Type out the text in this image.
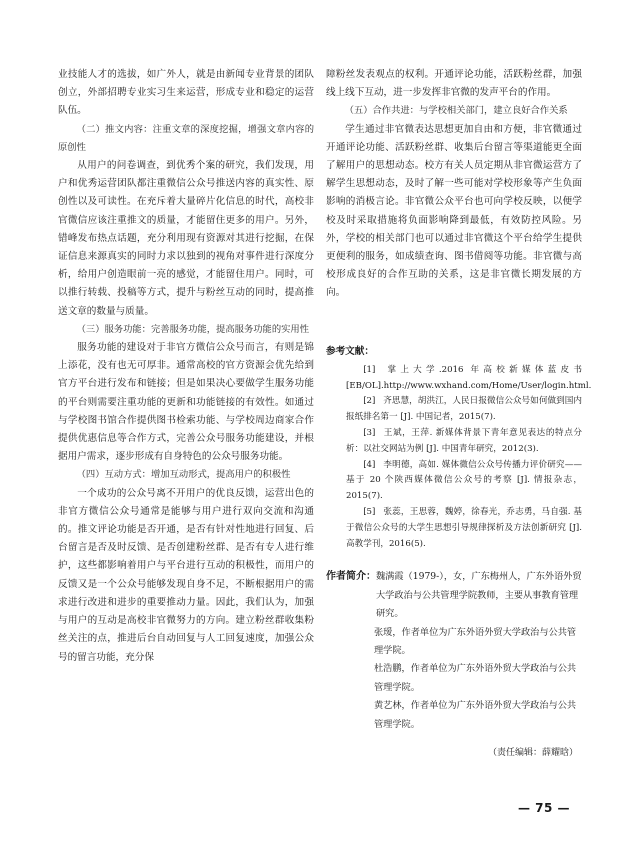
业技能人才的选拔，如广外人，就是由新闻专业背景的团队创立，外部招聘专业实习生来运营，形成专业和稳定的运营队伍。

（二）推文内容：注重文章的深度挖掘，增强文章内容的原创性

从用户的问卷调查，到优秀个案的研究，我们发现，用户和优秀运营团队都注重微信公众号推送内容的真实性、原创性以及可读性。在充斥着大量碎片化信息的时代，高校非官微信应该注重推文的质量，才能留住更多的用户。另外，错峰发布热点话题，充分利用现有资源对其进行挖掘，在保证信息来源真实的同时力求以独到的视角对事件进行深度分析，给用户创造眼前一亮的感觉，才能留住用户。同时，可以推行转载、投稿等方式，提升与粉丝互动的同时，提高推送文章的数量与质量。

（三）服务功能：完善服务功能，提高服务功能的实用性

服务功能的建设对于非官方微信公众号而言，有则是锦上添花，没有也无可厚非。通常高校的官方资源会优先给到官方平台进行发布和链接；但是如果决心要做学生服务功能的平台则需要注重功能的更新和功能链接的有效性。如通过与学校图书馆合作提供图书检索功能、与学校周边商家合作提供优惠信息等合作方式，完善公众号服务功能建设，并根据用户需求，逐步形成有自身特色的公众号服务功能。

（四）互动方式：增加互动形式，提高用户的积极性

一个成功的公众号离不开用户的优良反馈，运营出色的非官方微信公众号通常是能够与用户进行双向交流和沟通的。推文评论功能是否开通，是否有针对性地进行回复、后台留言是否及时反馈、是否创建粉丝群、是否有专人进行维护，这些都影响着用户与平台进行互动的积极性，而用户的反馈又是一个公众号能够发现自身不足，不断根据用户的需求进行改进和进步的重要推动力量。因此，我们认为，加强与用户的互动是高校非官微努力的方向。建立粉丝群收集粉丝关注的点，推进后台自动回复与人工回复速度，加强公众号的留言功能，充分保

障粉丝发表观点的权利。开通评论功能，活跃粉丝群，加强线上线下互动，进一步发挥非官微的发声平台的作用。

（五）合作共进：与学校相关部门，建立良好合作关系

学生通过非官微表达思想更加自由和方便，非官微通过开通评论功能、活跃粉丝群、收集后台留言等渠道能更全面了解用户的思想动态。校方有关人员定期从非官微运营方了解学生思想动态，及时了解一些可能对学校形象等产生负面影响的消极言论。非官微公众平台也可向学校反映，以便学校及时采取措施将负面影响降到最低，有效防控风险。另外，学校的相关部门也可以通过非官微这个平台给学生提供更便利的服务，如成绩查询、图书借阅等功能。非官微与高校形成良好的合作互助的关系，这是非官微长期发展的方向。

参考文献：

[1] 掌上大学.2016 年高校新媒体蓝皮书 [EB/OL].http://www.wxhand.com/Home/User/login.html.

[2] 齐思慧，胡洪江，人民日报微信公众号如何做到国内报纸排名第一 [J]. 中国记者，2015(7).

[3] 王斌，王萍. 新媒体背景下青年意见表达的特点分析：以社交网站为例 [J]. 中国青年研究，2012(3).

[4] 李明德，高如. 媒体微信公众号传播力评价研究——基于 20 个陕西媒体微信公众号的考察 [J]. 情报杂志，2015(7).

[5] 张蕊，王思蓉，魏婷，徐春光，乔志勇，马自强. 基于微信公众号的大学生思想引导规律探析及方法创新研究 [J]. 高教学刊，2016(5).

作者简介： 魏满霞（1979-），女，广东梅州人，广东外语外贸大学政治与公共管理学院教师，主要从事教育管理研究。
张瑷，作者单位为广东外语外贸大学政治与公共管理学院。
杜浩鹏，作者单位为广东外语外贸大学政治与公共管理学院。
黄艺林，作者单位为广东外语外贸大学政治与公共管理学院。
（责任编辑：薛耀晗）
— 75 —
